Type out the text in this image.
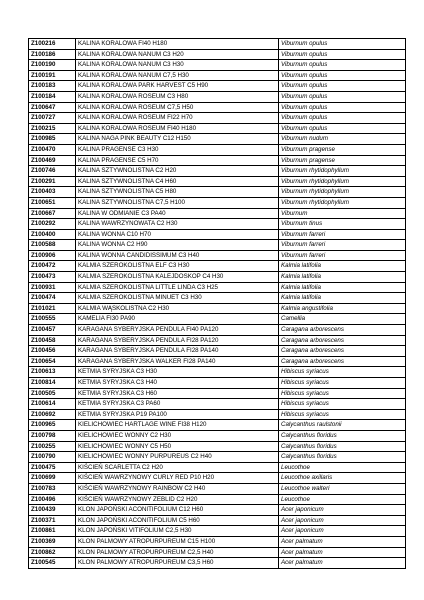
Z100216	KALINA KORALOWA FI40 H180	Viburnum opulus
Z100186	KALINA KORALOWA NANUM C3 H20	Viburnum opulus
Z100190	KALINA KORALOWA NANUM C3 H30	Viburnum opulus
Z100191	KALINA KORALOWA NANUM C7,5 H30	Viburnum opulus
Z100183	KALINA KORALOWA PARK HARVEST C5 H90	Viburnum opulus
Z100184	KALINA KORALOWA ROSEUM C3 H80	Viburnum opulus
Z100647	KALINA KORALOWA ROSEUM C7,5 H50	Viburnum opulus
Z100727	KALINA KORALOWA ROSEUM FI22 H70	Viburnum opulus
Z100215	KALINA KORALOWA ROSEUM FI40 H180	Viburnum opulus
Z100985	KALINA NAGA PINK BEAUTY C12 H150	Viburnum nudum
Z100470	KALINA PRAGENSE C3 H30	Viburnum pragense
Z100469	KALINA PRAGENSE C5 H70	Viburnum pragense
Z100746	KALINA SZTYWNOLISTNA C2 H20	Viburnum rhytidophyllum
Z100291	KALINA SZTYWNOLISTNA C4 H60	Viburnum rhytidophyllum
Z100403	KALINA SZTYWNOLISTNA C5 H80	Viburnum rhytidophyllum
Z100651	KALINA SZTYWNOLISTNA C7,5 H100	Viburnum rhytidophyllum
Z100667	KALINA W ODMIANIE C3 PA40	Viburnum
Z100292	KALINA WAWRZYNOWATA C2 H30	Viburnum tinus
Z100400	KALINA WONNA C10 H70	Viburnum farreri
Z100588	KALINA WONNA C2 H90	Viburnum farreri
Z100906	KALINA WONNA CANDIDISSIMUM C3 H40	Viburnum farreri
Z100472	KALMIA SZEROKOLISTNA ELF C3 H30	Kalmia latifolia
Z100473	KALMIA SZEROKOLISTNA KALEJDOSKOP C4 H30	Kalmia latifolia
Z100931	KALMIA SZEROKOLISTNA LITTLE LINDA C3 H25	Kalmia latifolia
Z100474	KALMIA SZEROKOLISTNA MINUET C3 H30	Kalmia latifolia
Z101021	KALMIA WĄSKOLISTNA C2 H30	Kalmia angustifolia
Z100555	KAMELIA FI30 PA90	Camellia
Z100457	KARAGANA SYBERYJSKA PENDULA FI40 PA120	Caragana arborescens
Z100458	KARAGANA SYBERYJSKA PENDULA FI28 PA120	Caragana arborescens
Z100456	KARAGANA SYBERYJSKA PENDULA FI28 PA140	Caragana arborescens
Z100654	KARAGANA SYBERYJSKA WALKER FI28 PA140	Caragana arborescens
Z100613	KETMIA SYRYJSKA C3 H30	Hibiscus syriacus
Z100814	KETMIA SYRYJSKA C3 H40	Hibiscus syriacus
Z100505	KETMIA SYRYJSKA C3 H60	Hibiscus syriacus
Z100614	KETMIA SYRYJSKA C3 PA60	Hibiscus syriacus
Z100692	KETMIA SYRYJSKA P19 PA100	Hibiscus syriacus
Z100965	KIELICHOWIEC HARTLAGE WINE FI38 H120	Calycanthus raulstonii
Z100798	KIELICHOWIEC WONNY C2 H30	Calycanthus floridus
Z100255	KIELICHOWIEC WONNY C5 H50	Calycanthus floridus
Z100790	KIELICHOWIEC WONNY PURPUREUS C2 H40	Calycanthus floridus
Z100475	KIŚCIEŃ SCARLETTA C2 H20	Leucothoe
Z100699	KIŚCIEŃ WAWRZYNOWY CURLY RED P10 H20	Leucothoe axillaris
Z100783	KIŚCIEŃ WAWRZYNOWY RAINBOW C2 H40	Leucothoe walteri
Z100496	KIŚCIEŃ WAWRZYNOWY ZEBLID C2 H20	Leucothoe
Z100439	KLON JAPOŃSKI ACONITIFOLIUM C12 H60	Acer japonicum
Z100371	KLON JAPOŃSKI ACONITIFOLIUM C5 H60	Acer japonicum
Z100861	KLON JAPOŃSKI VITIFOLIUM C2,5 H30	Acer japonicum
Z100369	KLON PALMOWY ATROPURPUREUM C15 H100	Acer palmatum
Z100862	KLON PALMOWY ATROPURPUREUM C2,5 H40	Acer palmatum
Z100545	KLON PALMOWY ATROPURPUREUM C3,5 H60	Acer palmatum
